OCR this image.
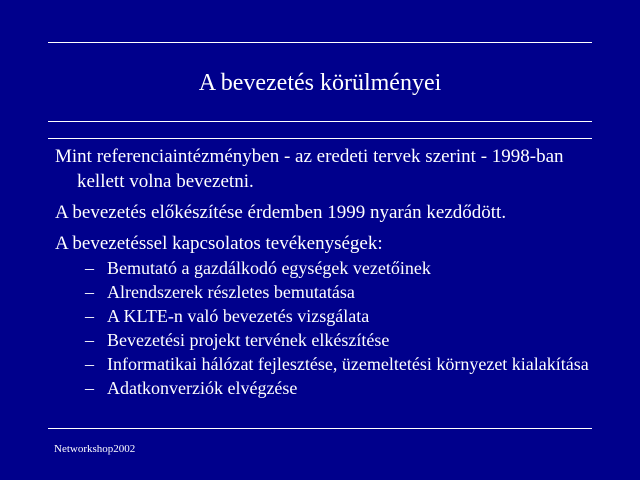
A bevezetés körülményei

Mint referenciaintézményben - az eredeti tervek szerint - 1998-ban kellett volna bevezetni.

A bevezetés előkészítése érdemben 1999 nyarán kezdődött.

A bevezetéssel kapcsolatos tevékenységek:

– Bemutató a gazdálkodó egységek vezetőinek
– Alrendszerek részletes bemutatása
– A KLTE-n való bevezetés vizsgálata
– Bevezetési projekt tervének elkészítése
– Informatikai hálózat fejlesztése, üzemeltetési környezet kialakítása
– Adatkonverziók elvégzése
Networkshop2002
